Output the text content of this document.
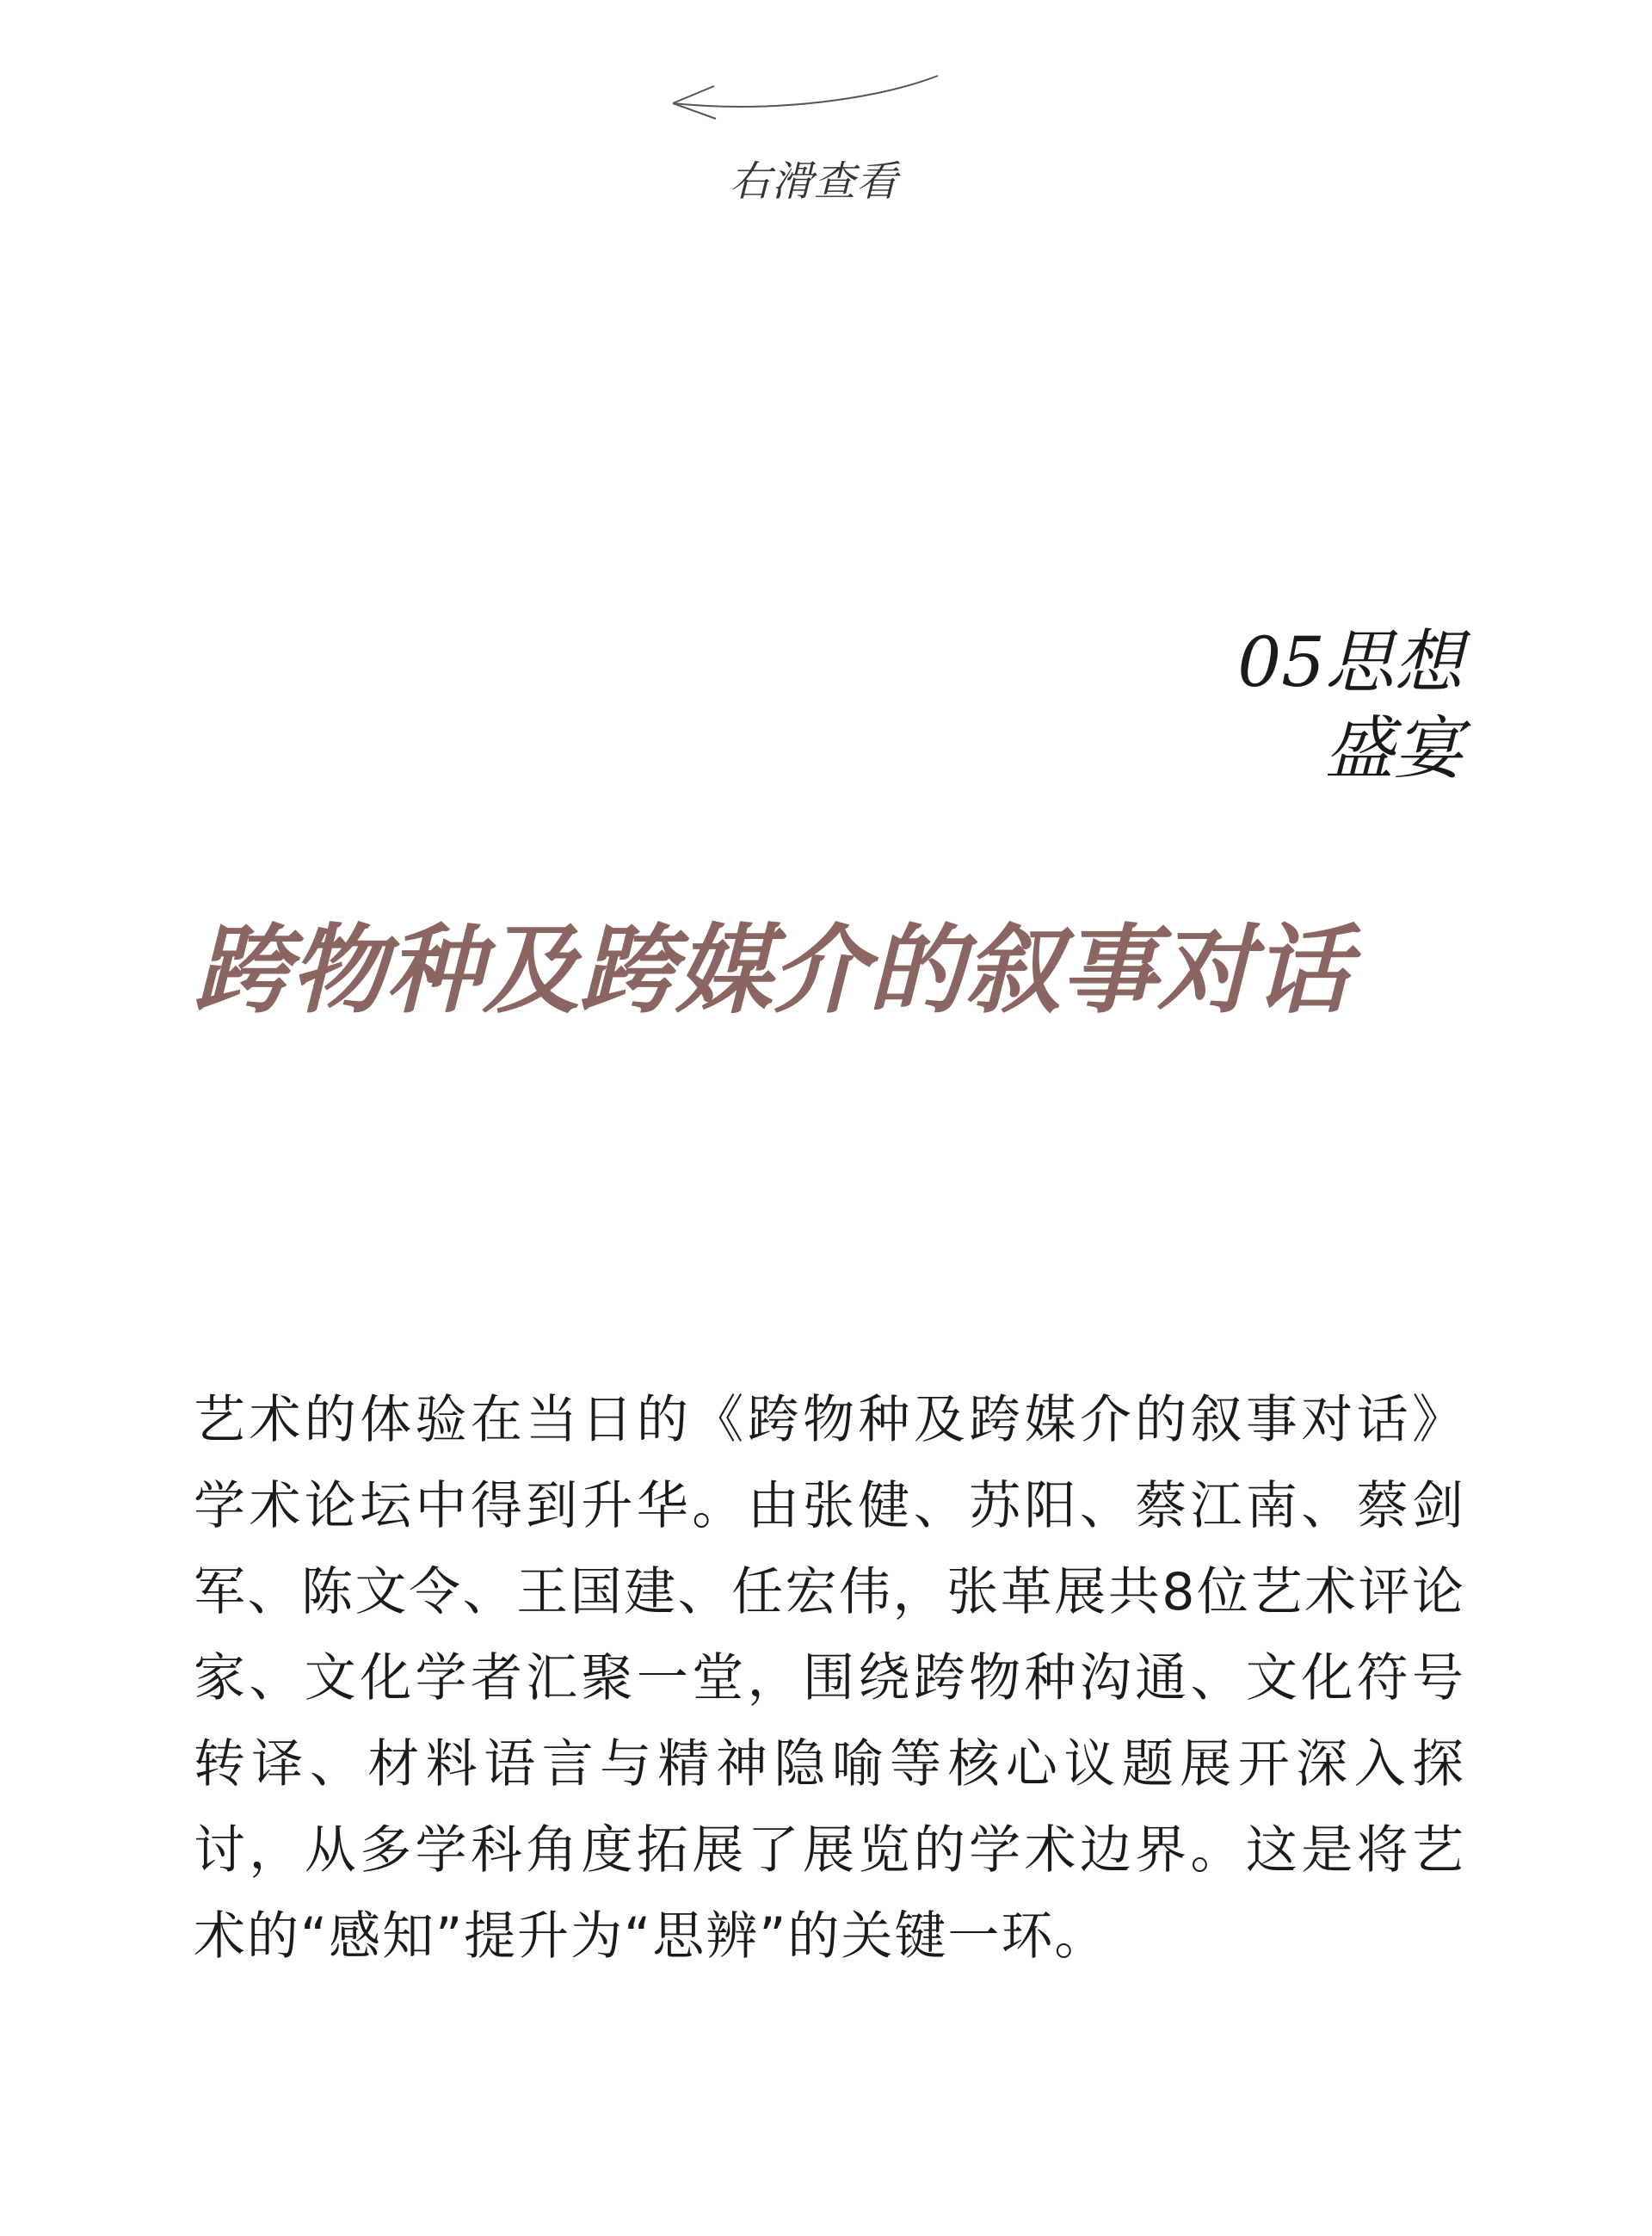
右滑查看
05思想
盛宴
跨物种及跨媒介的叙事对话

艺术的体验在当日的《跨物种及跨媒介的叙事对话》学术论坛中得到升华。由张健、苏阳、蔡江南、蔡剑军、陈文令、王国建、任宏伟，张革展共8位艺术评论家、文化学者汇聚一堂，围绕跨物种沟通、文化符号转译、材料语言与精神隐喻等核心议题展开深入探讨，从多学科角度拓展了展览的学术边界。这是将艺术的“感知”提升为“思辨”的关键一环。
